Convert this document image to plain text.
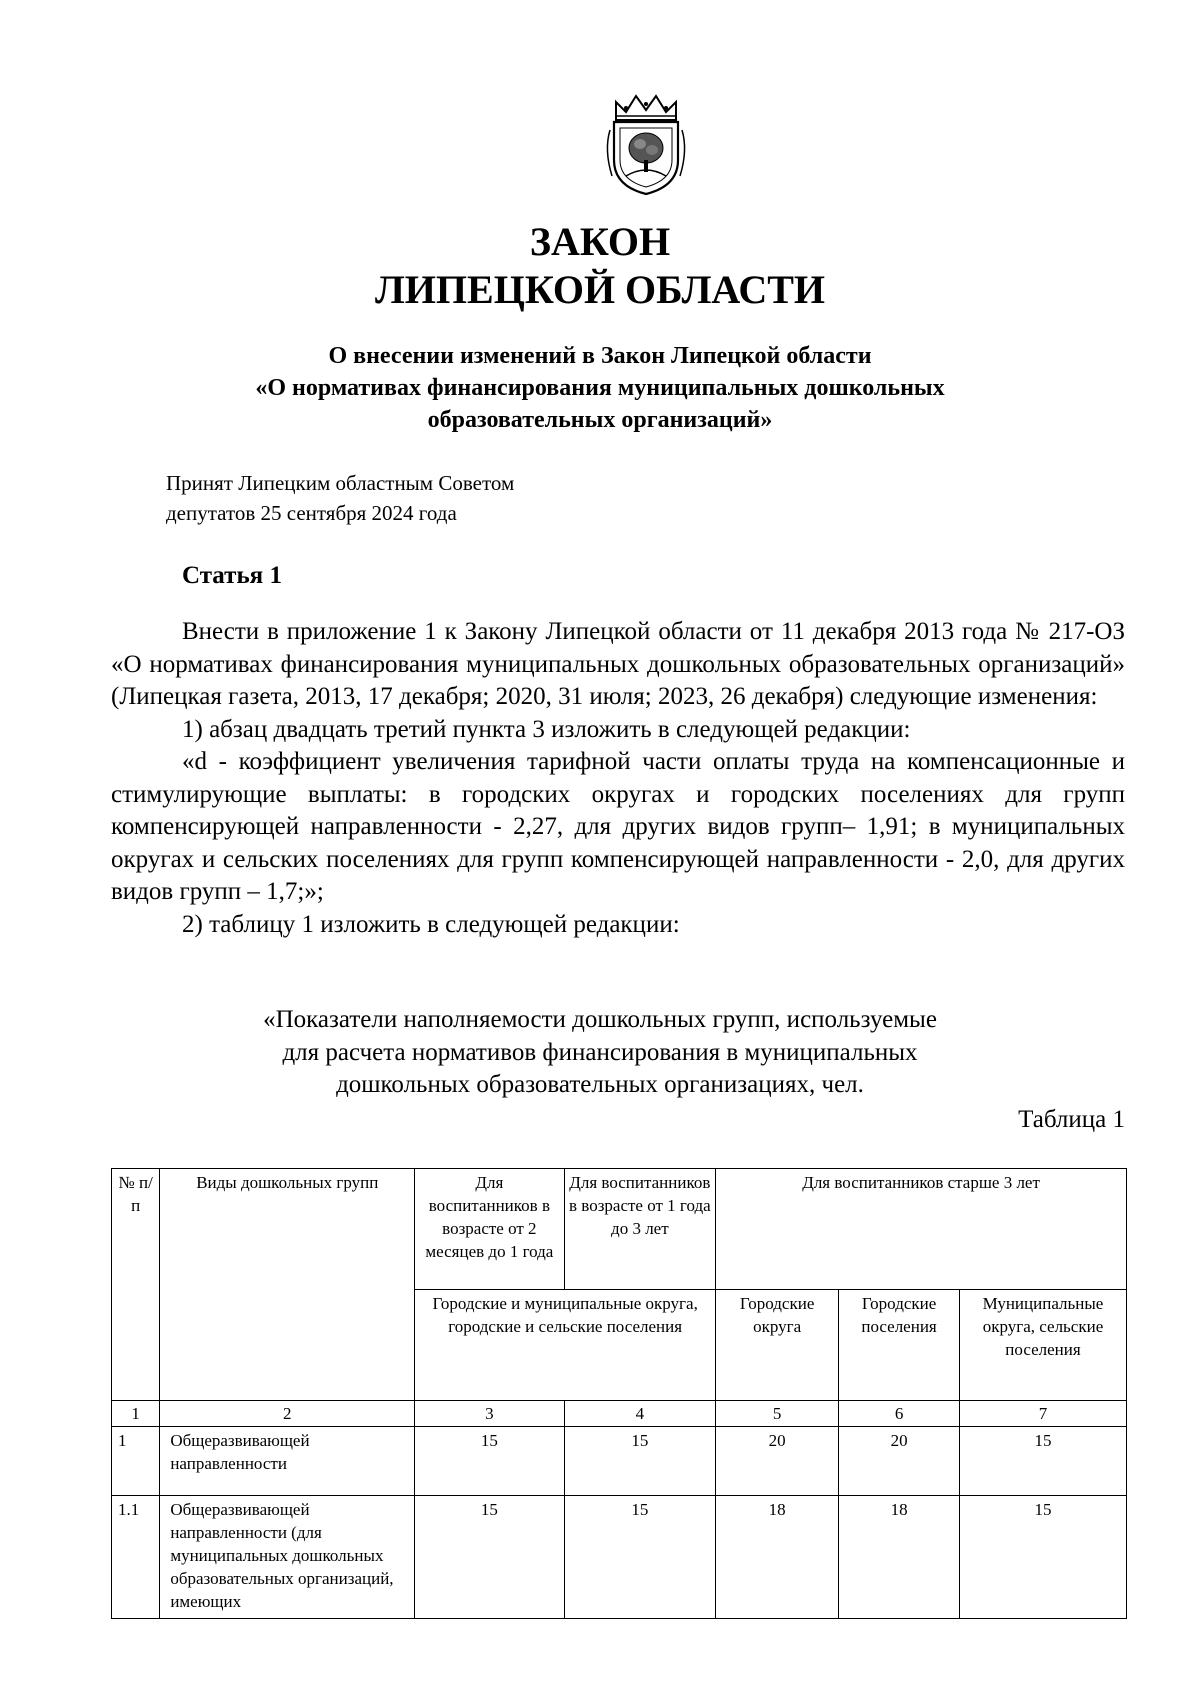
ЗАКОН
ЛИПЕЦКОЙ ОБЛАСТИ
О внесении изменений в Закон Липецкой области
«О нормативах финансирования муниципальных дошкольных
образовательных организаций»
Принят Липецким областным Советом
депутатов 25 сентября 2024 года
Статья 1

Внести в приложение 1 к Закону Липецкой области от 11 декабря 2013 года № 217-ОЗ «О нормативах финансирования муниципальных дошкольных образовательных организаций» (Липецкая газета, 2013, 17 декабря; 2020, 31 июля; 2023, 26 декабря) следующие изменения:

1) абзац двадцать третий пункта 3 изложить в следующей редакции:

«d - коэффициент увеличения тарифной части оплаты труда на компенсационные и стимулирующие выплаты: в городских округах и городских поселениях для групп компенсирующей направленности - 2,27, для других видов групп– 1,91; в муниципальных округах и сельских поселениях для групп компенсирующей направленности - 2,0, для других видов групп – 1,7;»;

2) таблицу 1 изложить в следующей редакции:

«Показатели наполняемости дошкольных групп, используемые
для расчета нормативов финансирования в муниципальных
дошкольных образовательных организациях, чел.
Таблица 1
№ п/п	Виды дошкольных групп	Для воспитанников в возрасте от 2 месяцев до 1 года	Для воспитанников в возрасте от 1 года до 3 лет	Для воспитанников старше 3 лет		
		Городские и муниципальные округа, городские и сельские поселения		Городские округа	Городские поселения	Муниципальные округа, сельские поселения
1	2	3	4	5	6	7
1	Общеразвивающей направленности	15	15	20	20	15
1.1	Общеразвивающей направленности (для муниципальных дошкольных образовательных организаций, имеющих	15	15	18	18	15
